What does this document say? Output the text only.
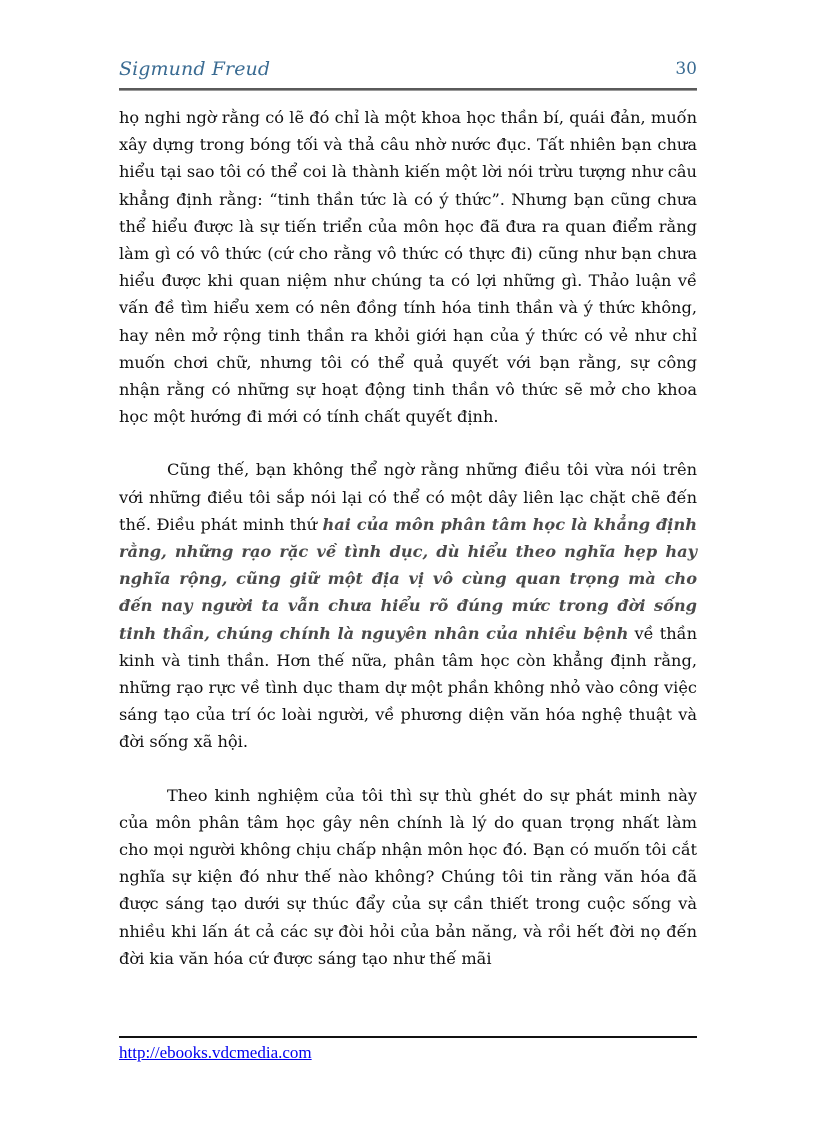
Sigmund Freud	30

họ nghi ngờ rằng có lẽ đó chỉ là một khoa học thần bí, quái đản, muốn xây dựng trong bóng tối và thả câu nhờ nước đục. Tất nhiên bạn chưa hiểu tại sao tôi có thể coi là thành kiến một lời nói trừu tượng như câu khẳng định rằng: “tinh thần tức là có ý thức”. Nhưng bạn cũng chưa thể hiểu được là sự tiến triển của môn học đã đưa ra quan điểm rằng làm gì có vô thức (cứ cho rằng vô thức có thực đi) cũng như bạn chưa hiểu được khi quan niệm như chúng ta có lợi những gì. Thảo luận về vấn đề tìm hiểu xem có nên đồng tính hóa tinh thần và ý thức không, hay nên mở rộng tinh thần ra khỏi giới hạn của ý thức có vẻ như chỉ muốn chơi chữ, nhưng tôi có thể quả quyết với bạn rằng, sự công nhận rằng có những sự hoạt động tinh thần vô thức sẽ mở cho khoa học một hướng đi mới có tính chất quyết định.

Cũng thế, bạn không thể ngờ rằng những điều tôi vừa nói trên với những điều tôi sắp nói lại có thể có một dây liên lạc chặt chẽ đến thế. Điều phát minh thứ hai của môn phân tâm học là khẳng định rằng, những rạo rặc về tình dục, dù hiểu theo nghĩa hẹp hay nghĩa rộng, cũng giữ một địa vị vô cùng quan trọng mà cho đến nay người ta vẫn chưa hiểu rõ đúng mức trong đời sống tinh thần, chúng chính là nguyên nhân của nhiều bệnh về thần kinh và tinh thần. Hơn thế nữa, phân tâm học còn khẳng định rằng, những rạo rực về tình dục tham dự một phần không nhỏ vào công việc sáng tạo của trí óc loài người, về phương diện văn hóa nghệ thuật và đời sống xã hội.

Theo kinh nghiệm của tôi thì sự thù ghét do sự phát minh này của môn phân tâm học gây nên chính là lý do quan trọng nhất làm cho mọi người không chịu chấp nhận môn học đó. Bạn có muốn tôi cắt nghĩa sự kiện đó như thế nào không? Chúng tôi tin rằng văn hóa đã được sáng tạo dưới sự thúc đẩy của sự cần thiết trong cuộc sống và nhiều khi lấn át cả các sự đòi hỏi của bản năng, và rồi hết đời nọ đến đời kia văn hóa cứ được sáng tạo như thế mãi

http://ebooks.vdcmedia.com
